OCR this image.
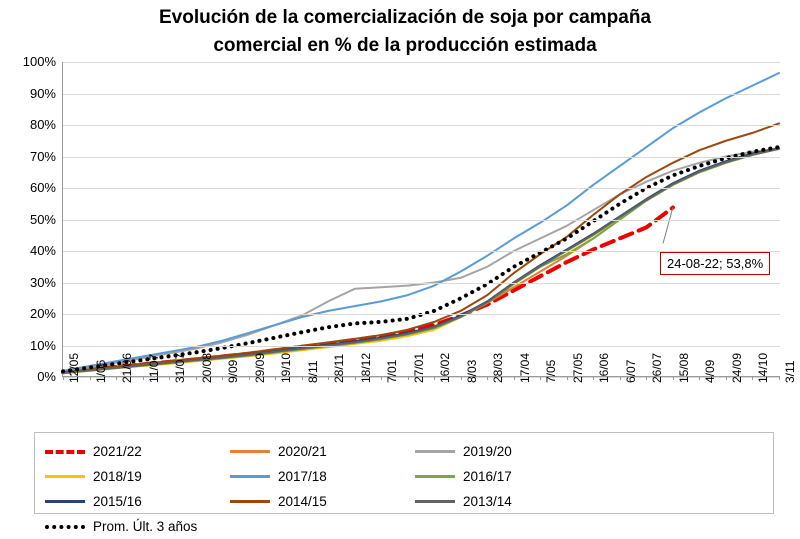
Evolución de la comercialización de soja por campaña
comercial en % de la producción estimada
0%
10%
20%
30%
40%
50%
60%
70%
80%
90%
100%
12/05 1/06 21/06 11/07 31/07 20/08 9/09 29/09 19/10 8/11 28/11 18/12 7/01 27/01 16/02 8/03 28/03 17/04 7/05 27/05 16/06 6/07 26/07 15/08 4/09 24/09 14/10 3/11
24-08-22; 53,8%
2021/22	2020/21	2019/20
2018/19	2017/18	2016/17
2015/16	2014/15	2013/14
Prom. Últ. 3 años
